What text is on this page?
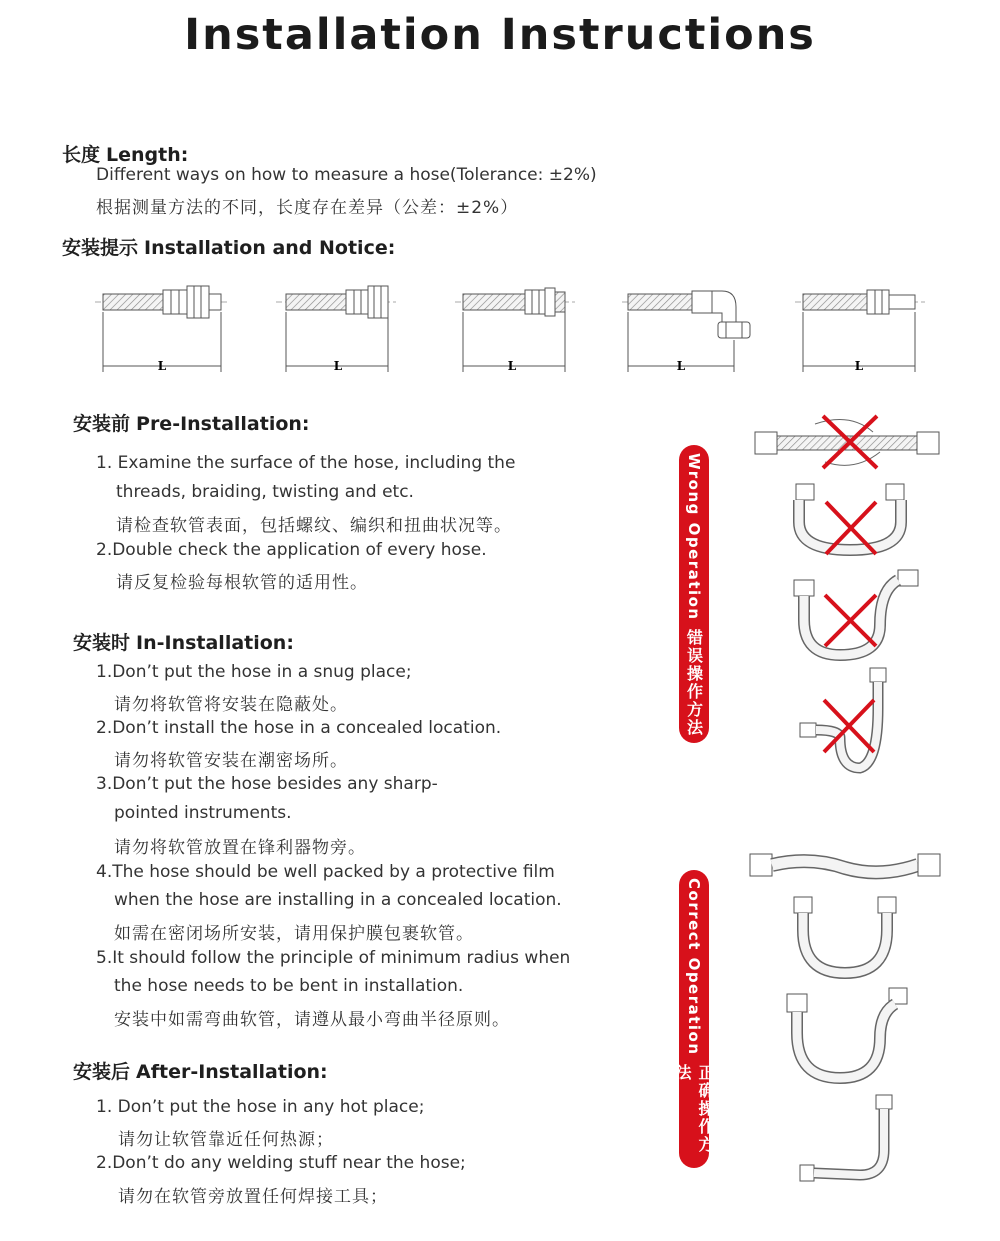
Installation Instructions
长度 Length:
Different ways on how to measure a hose(Tolerance: ±2%)
根据测量方法的不同，长度存在差异（公差：±2%）
安装提示 Installation and Notice:
L	L	L	L	L
安装前 Pre-Installation:
1. Examine the surface of the hose, including the
threads, braiding, twisting and etc.
请检查软管表面，包括螺纹、编织和扭曲状况等。
2.Double check the application of every hose.
请反复检验每根软管的适用性。
安装时 In-Installation:
1.Don’t put the hose in a snug place;
请勿将软管将安装在隐蔽处。
2.Don’t install the hose in a concealed location.
请勿将软管安装在潮密场所。
3.Don’t put the hose besides any sharp-
pointed instruments.
请勿将软管放置在锋利器物旁。
4.The hose should be well packed by a protective film
when the hose are installing in a concealed location.
如需在密闭场所安装，请用保护膜包裹软管。
5.It should follow the principle of minimum radius when
the hose needs to be bent in installation.
安装中如需弯曲软管，请遵从最小弯曲半径原则。
安装后 After-Installation:
1. Don’t put the hose in any hot place;
请勿让软管靠近任何热源；
2.Don’t do any welding stuff near the hose;
请勿在软管旁放置任何焊接工具；
Wrong Operation
错误操作方法
Correct Operation
正确操作方法
